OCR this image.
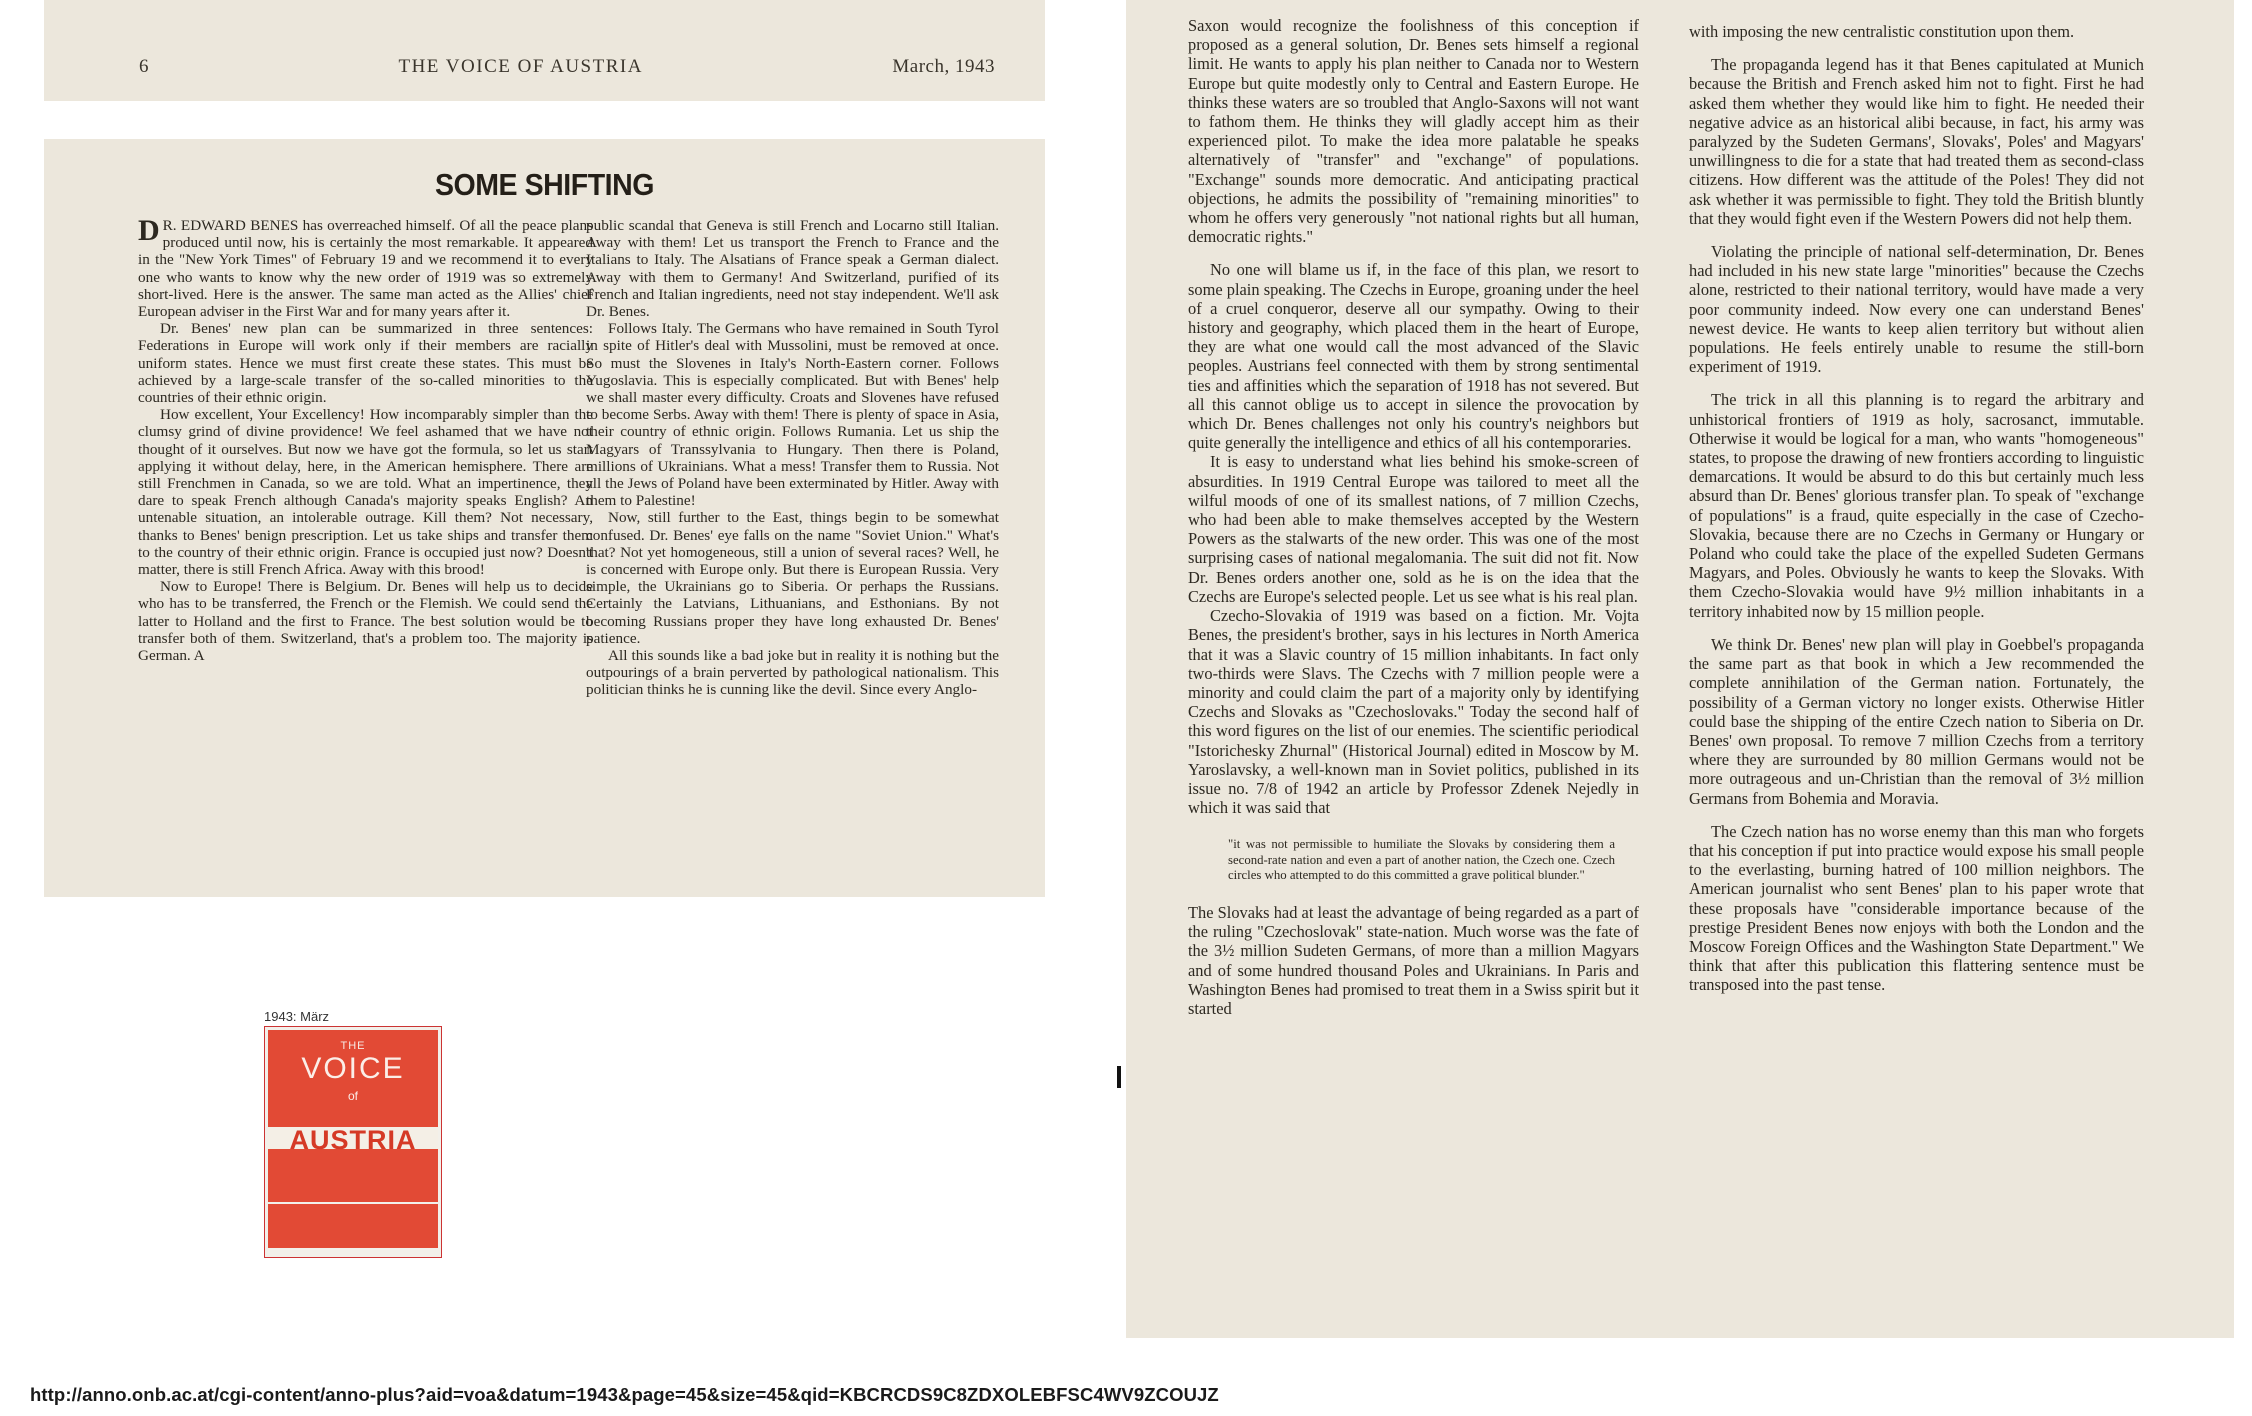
6	THE VOICE OF AUSTRIA	March, 1943
SOME SHIFTING

D R. EDWARD BENES has overreached himself. Of all the peace plans produced until now, his is certainly the most remarkable. It appeared in the "New York Times" of February 19 and we recommend it to every one who wants to know why the new order of 1919 was so extremely short-lived. Here is the answer. The same man acted as the Allies' chief European adviser in the First War and for many years after it.

Dr. Benes' new plan can be summarized in three sentences: Federations in Europe will work only if their members are racially uniform states. Hence we must first create these states. This must be achieved by a large-scale transfer of the so-called minorities to the countries of their ethnic origin.

How excellent, Your Excellency! How incomparably simpler than the clumsy grind of divine providence! We feel ashamed that we have not thought of it ourselves. But now we have got the formula, so let us start applying it without delay, here, in the American hemisphere. There are still Frenchmen in Canada, so we are told. What an impertinence, they dare to speak French although Canada's majority speaks English? An untenable situation, an intolerable outrage. Kill them? Not necessary, thanks to Benes' benign prescription. Let us take ships and transfer them to the country of their ethnic origin. France is occupied just now? Doesn't matter, there is still French Africa. Away with this brood!

Now to Europe! There is Belgium. Dr. Benes will help us to decide who has to be transferred, the French or the Flemish. We could send the latter to Holland and the first to France. The best solution would be to transfer both of them. Switzerland, that's a problem too. The majority is German. A

public scandal that Geneva is still French and Locarno still Italian. Away with them! Let us transport the French to France and the Italians to Italy. The Alsatians of France speak a German dialect. Away with them to Germany! And Switzerland, purified of its French and Italian ingredients, need not stay independent. We'll ask Dr. Benes.

Follows Italy. The Germans who have remained in South Tyrol in spite of Hitler's deal with Mussolini, must be removed at once. So must the Slovenes in Italy's North-Eastern corner. Follows Yugoslavia. This is especially complicated. But with Benes' help we shall master every difficulty. Croats and Slovenes have refused to become Serbs. Away with them! There is plenty of space in Asia, their country of ethnic origin. Follows Rumania. Let us ship the Magyars of Transsylvania to Hungary. Then there is Poland, millions of Ukrainians. What a mess! Transfer them to Russia. Not all the Jews of Poland have been exterminated by Hitler. Away with them to Palestine!

Now, still further to the East, things begin to be somewhat confused. Dr. Benes' eye falls on the name "Soviet Union." What's that? Not yet homogeneous, still a union of several races? Well, he is concerned with Europe only. But there is European Russia. Very simple, the Ukrainians go to Siberia. Or perhaps the Russians. Certainly the Latvians, Lithuanians, and Esthonians. By not becoming Russians proper they have long exhausted Dr. Benes' patience.

All this sounds like a bad joke but in reality it is nothing but the outpourings of a brain perverted by pathological nationalism. This politician thinks he is cunning like the devil. Since every Anglo-

Saxon would recognize the foolishness of this conception if proposed as a general solution, Dr. Benes sets himself a regional limit. He wants to apply his plan neither to Canada nor to Western Europe but quite modestly only to Central and Eastern Europe. He thinks these waters are so troubled that Anglo-Saxons will not want to fathom them. He thinks they will gladly accept him as their experienced pilot. To make the idea more palatable he speaks alternatively of "transfer" and "exchange" of populations. "Exchange" sounds more democratic. And anticipating practical objections, he admits the possibility of "remaining minorities" to whom he offers very generously "not national rights but all human, democratic rights."

No one will blame us if, in the face of this plan, we resort to some plain speaking. The Czechs in Europe, groaning under the heel of a cruel conqueror, deserve all our sympathy. Owing to their history and geography, which placed them in the heart of Europe, they are what one would call the most advanced of the Slavic peoples. Austrians feel connected with them by strong sentimental ties and affinities which the separation of 1918 has not severed. But all this cannot oblige us to accept in silence the provocation by which Dr. Benes challenges not only his country's neighbors but quite generally the intelligence and ethics of all his contemporaries.

It is easy to understand what lies behind his smoke-screen of absurdities. In 1919 Central Europe was tailored to meet all the wilful moods of one of its smallest nations, of 7 million Czechs, who had been able to make themselves accepted by the Western Powers as the stalwarts of the new order. This was one of the most surprising cases of national megalomania. The suit did not fit. Now Dr. Benes orders another one, sold as he is on the idea that the Czechs are Europe's selected people. Let us see what is his real plan.

Czecho-Slovakia of 1919 was based on a fiction. Mr. Vojta Benes, the president's brother, says in his lectures in North America that it was a Slavic country of 15 million inhabitants. In fact only two-thirds were Slavs. The Czechs with 7 million people were a minority and could claim the part of a majority only by identifying Czechs and Slovaks as "Czechoslovaks." Today the second half of this word figures on the list of our enemies. The scientific periodical "Istorichesky Zhurnal" (Historical Journal) edited in Moscow by M. Yaroslavsky, a well-known man in Soviet politics, published in its issue no. 7/8 of 1942 an article by Professor Zdenek Nejedly in which it was said that

"it was not permissible to humiliate the Slovaks by considering them a second-rate nation and even a part of another nation, the Czech one. Czech circles who attempted to do this committed a grave political blunder."

The Slovaks had at least the advantage of being regarded as a part of the ruling "Czechoslovak" state-nation. Much worse was the fate of the 3½ million Sudeten Germans, of more than a million Magyars and of some hundred thousand Poles and Ukrainians. In Paris and Washington Benes had promised to treat them in a Swiss spirit but it started

with imposing the new centralistic constitution upon them.

The propaganda legend has it that Benes capitulated at Munich because the British and French asked him not to fight. First he had asked them whether they would like him to fight. He needed their negative advice as an historical alibi because, in fact, his army was paralyzed by the Sudeten Germans', Slovaks', Poles' and Magyars' unwillingness to die for a state that had treated them as second-class citizens. How different was the attitude of the Poles! They did not ask whether it was permissible to fight. They told the British bluntly that they would fight even if the Western Powers did not help them.

Violating the principle of national self-determination, Dr. Benes had included in his new state large "minorities" because the Czechs alone, restricted to their national territory, would have made a very poor community indeed. Now every one can understand Benes' newest device. He wants to keep alien territory but without alien populations. He feels entirely unable to resume the still-born experiment of 1919.

The trick in all this planning is to regard the arbitrary and unhistorical frontiers of 1919 as holy, sacrosanct, immutable. Otherwise it would be logical for a man, who wants "homogeneous" states, to propose the drawing of new frontiers according to linguistic demarcations. It would be absurd to do this but certainly much less absurd than Dr. Benes' glorious transfer plan. To speak of "exchange of populations" is a fraud, quite especially in the case of Czecho-Slovakia, because there are no Czechs in Germany or Hungary or Poland who could take the place of the expelled Sudeten Germans Magyars, and Poles. Obviously he wants to keep the Slovaks. With them Czecho-Slovakia would have 9½ million inhabitants in a territory inhabited now by 15 million people.

We think Dr. Benes' new plan will play in Goebbel's propaganda the same part as that book in which a Jew recommended the complete annihilation of the German nation. Fortunately, the possibility of a German victory no longer exists. Otherwise Hitler could base the shipping of the entire Czech nation to Siberia on Dr. Benes' own proposal. To remove 7 million Czechs from a territory where they are surrounded by 80 million Germans would not be more outrageous and un-Christian than the removal of 3½ million Germans from Bohemia and Moravia.

The Czech nation has no worse enemy than this man who forgets that his conception if put into practice would expose his small people to the everlasting, burning hatred of 100 million neighbors. The American journalist who sent Benes' plan to his paper wrote that these proposals have "considerable importance because of the prestige President Benes now enjoys with both the London and the Moscow Foreign Offices and the Washington State Department." We think that after this publication this flattering sentence must be transposed into the past tense.

1943: März
THE
VOICE
of
AUSTRIA
http://anno.onb.ac.at/cgi-content/anno-plus?aid=voa&datum=1943&page=45&size=45&qid=KBCRCDS9C8ZDXOLEBFSC4WV9ZCOUJZ
